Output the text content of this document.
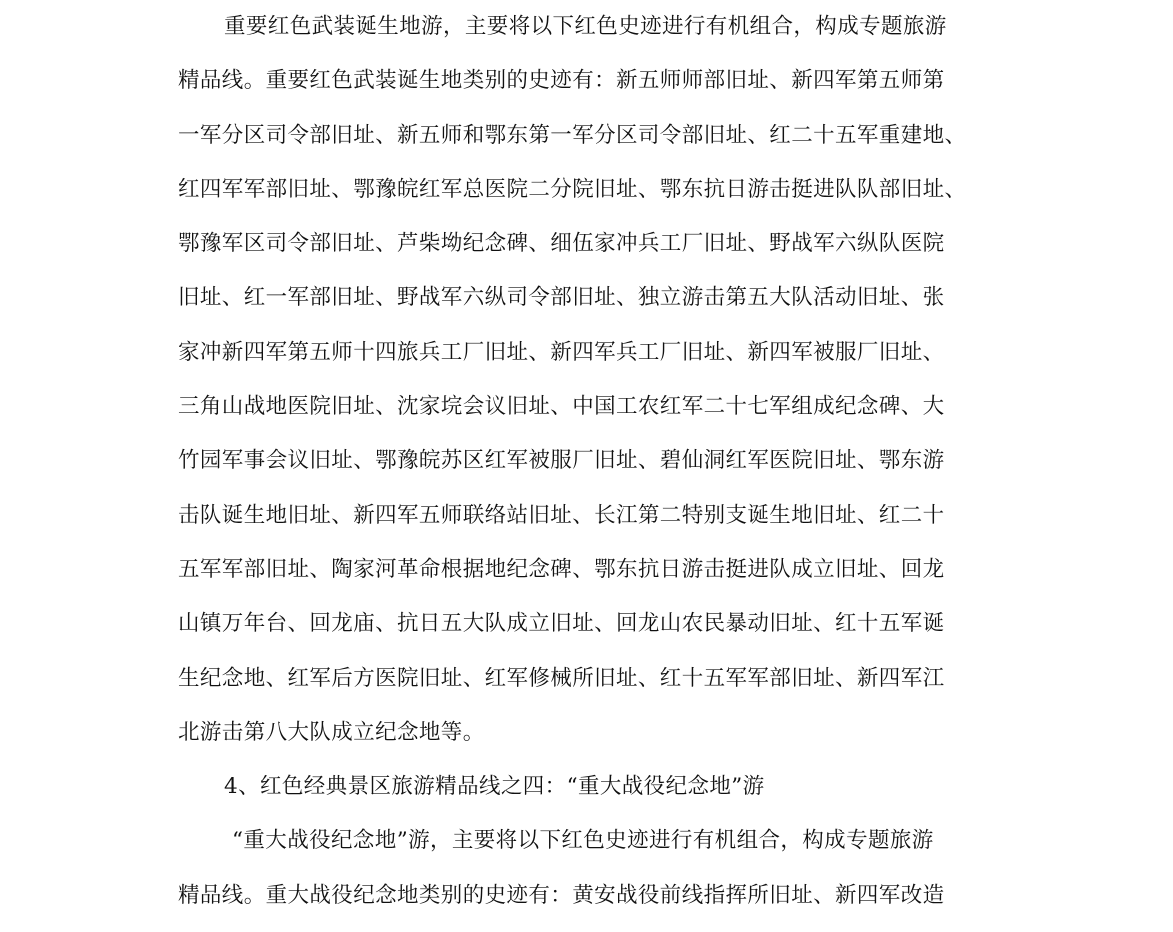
重要红色武装诞生地游，主要将以下红色史迹进行有机组合，构成专题旅游
精品线。重要红色武装诞生地类别的史迹有：新五师师部旧址、新四军第五师第
一军分区司令部旧址、新五师和鄂东第一军分区司令部旧址、红二十五军重建地、
红四军军部旧址、鄂豫皖红军总医院二分院旧址、鄂东抗日游击挺进队队部旧址、
鄂豫军区司令部旧址、芦柴坳纪念碑、细伍家冲兵工厂旧址、野战军六纵队医院
旧址、红一军部旧址、野战军六纵司令部旧址、独立游击第五大队活动旧址、张
家冲新四军第五师十四旅兵工厂旧址、新四军兵工厂旧址、新四军被服厂旧址、
三角山战地医院旧址、沈家垸会议旧址、中国工农红军二十七军组成纪念碑、大
竹园军事会议旧址、鄂豫皖苏区红军被服厂旧址、碧仙洞红军医院旧址、鄂东游
击队诞生地旧址、新四军五师联络站旧址、长江第二特别支诞生地旧址、红二十
五军军部旧址、陶家河革命根据地纪念碑、鄂东抗日游击挺进队成立旧址、回龙
山镇万年台、回龙庙、抗日五大队成立旧址、回龙山农民暴动旧址、红十五军诞
生纪念地、红军后方医院旧址、红军修械所旧址、红十五军军部旧址、新四军江
北游击第八大队成立纪念地等。
4、红色经典景区旅游精品线之四：“重大战役纪念地”游
“重大战役纪念地”游，主要将以下红色史迹进行有机组合，构成专题旅游
精品线。重大战役纪念地类别的史迹有：黄安战役前线指挥所旧址、新四军改造
